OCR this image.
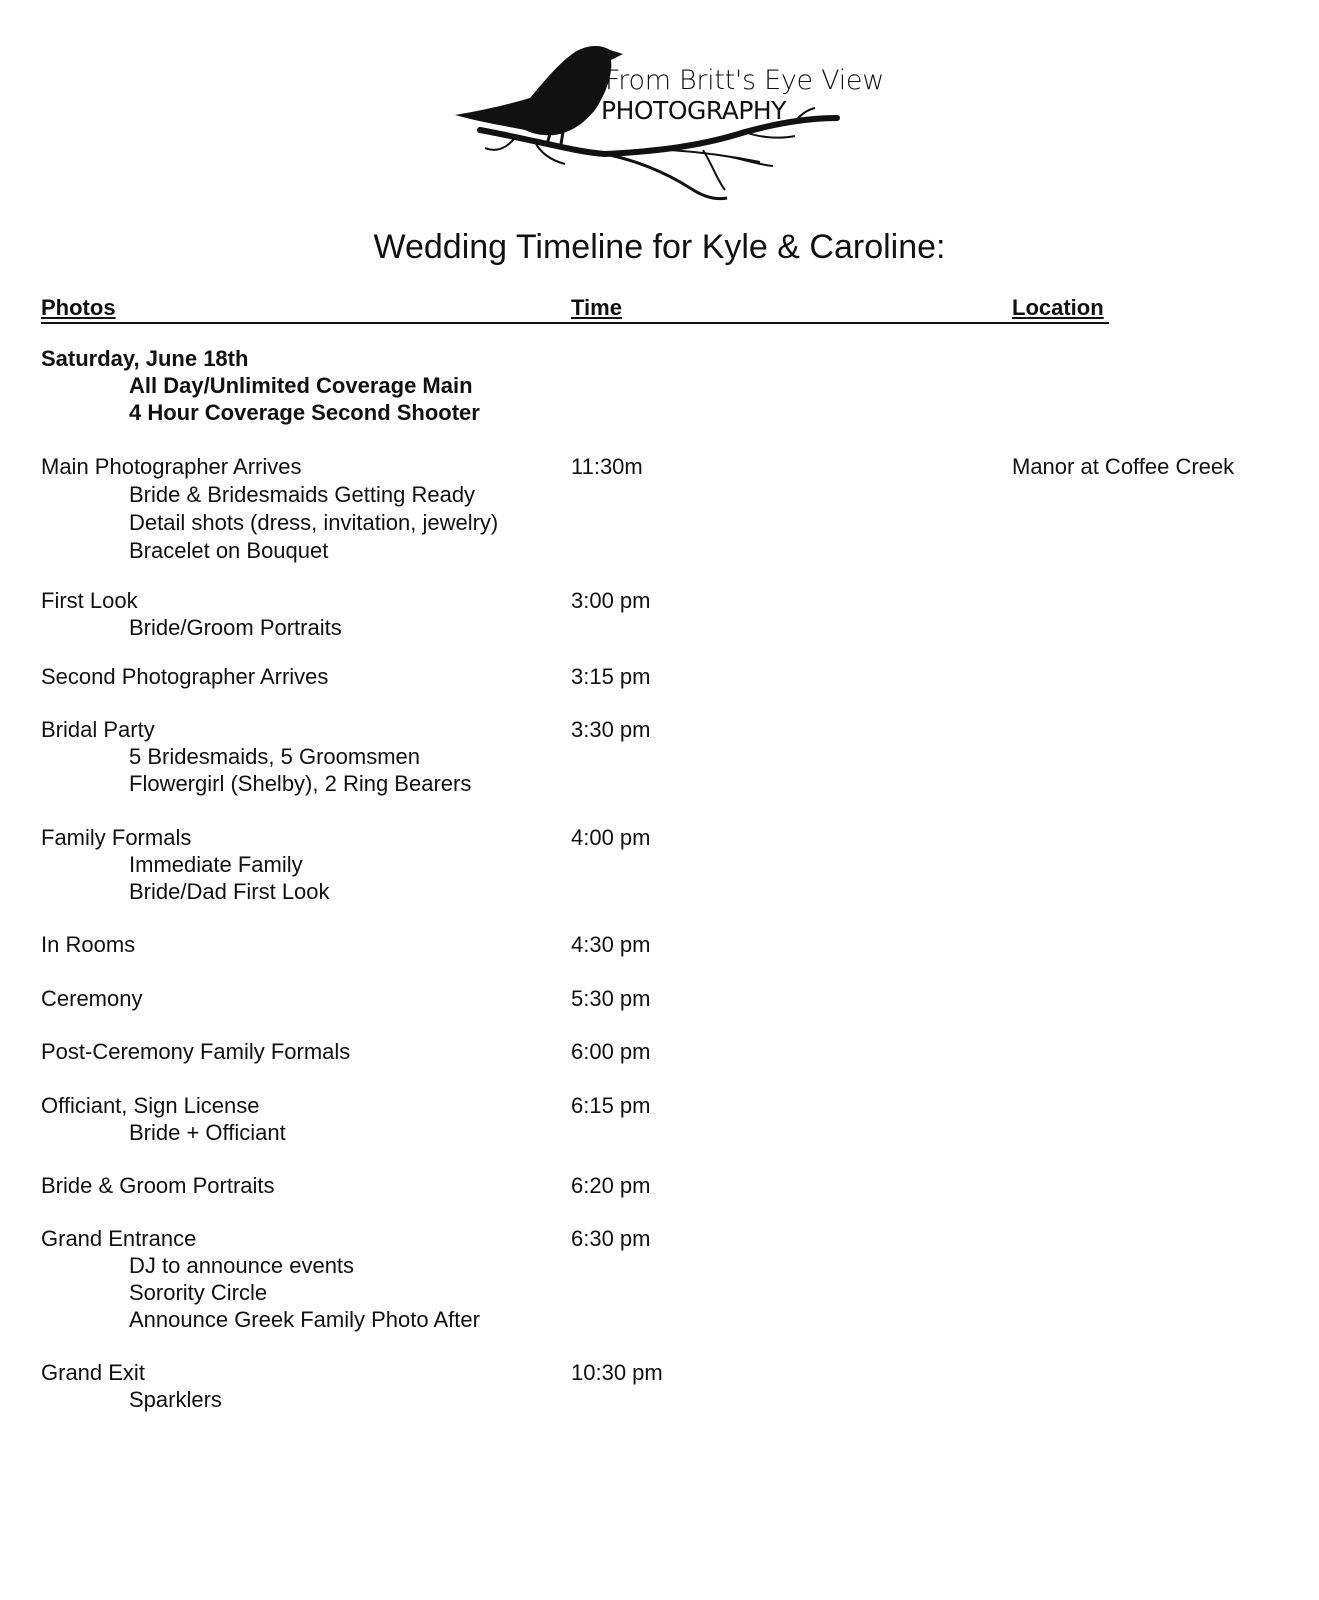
From Britt's Eye View
PHOTOGRAPHY
Wedding Timeline for Kyle & Caroline:
Photos	Time	Location
Saturday, June 18th
All Day/Unlimited Coverage Main
4 Hour Coverage Second Shooter
Main Photographer Arrives	11:30m	Manor at Coffee Creek
Bride & Bridesmaids Getting Ready
Detail shots (dress, invitation, jewelry)
Bracelet on Bouquet
First Look	3:00 pm
Bride/Groom Portraits
Second Photographer Arrives	3:15 pm
Bridal Party	3:30 pm
5 Bridesmaids, 5 Groomsmen
Flowergirl (Shelby), 2 Ring Bearers
Family Formals	4:00 pm
Immediate Family
Bride/Dad First Look
In Rooms	4:30 pm
Ceremony	5:30 pm
Post-Ceremony Family Formals	6:00 pm
Officiant, Sign License	6:15 pm
Bride + Officiant
Bride & Groom Portraits	6:20 pm
Grand Entrance	6:30 pm
DJ to announce events
Sorority Circle
Announce Greek Family Photo After
Grand Exit	10:30 pm
Sparklers
